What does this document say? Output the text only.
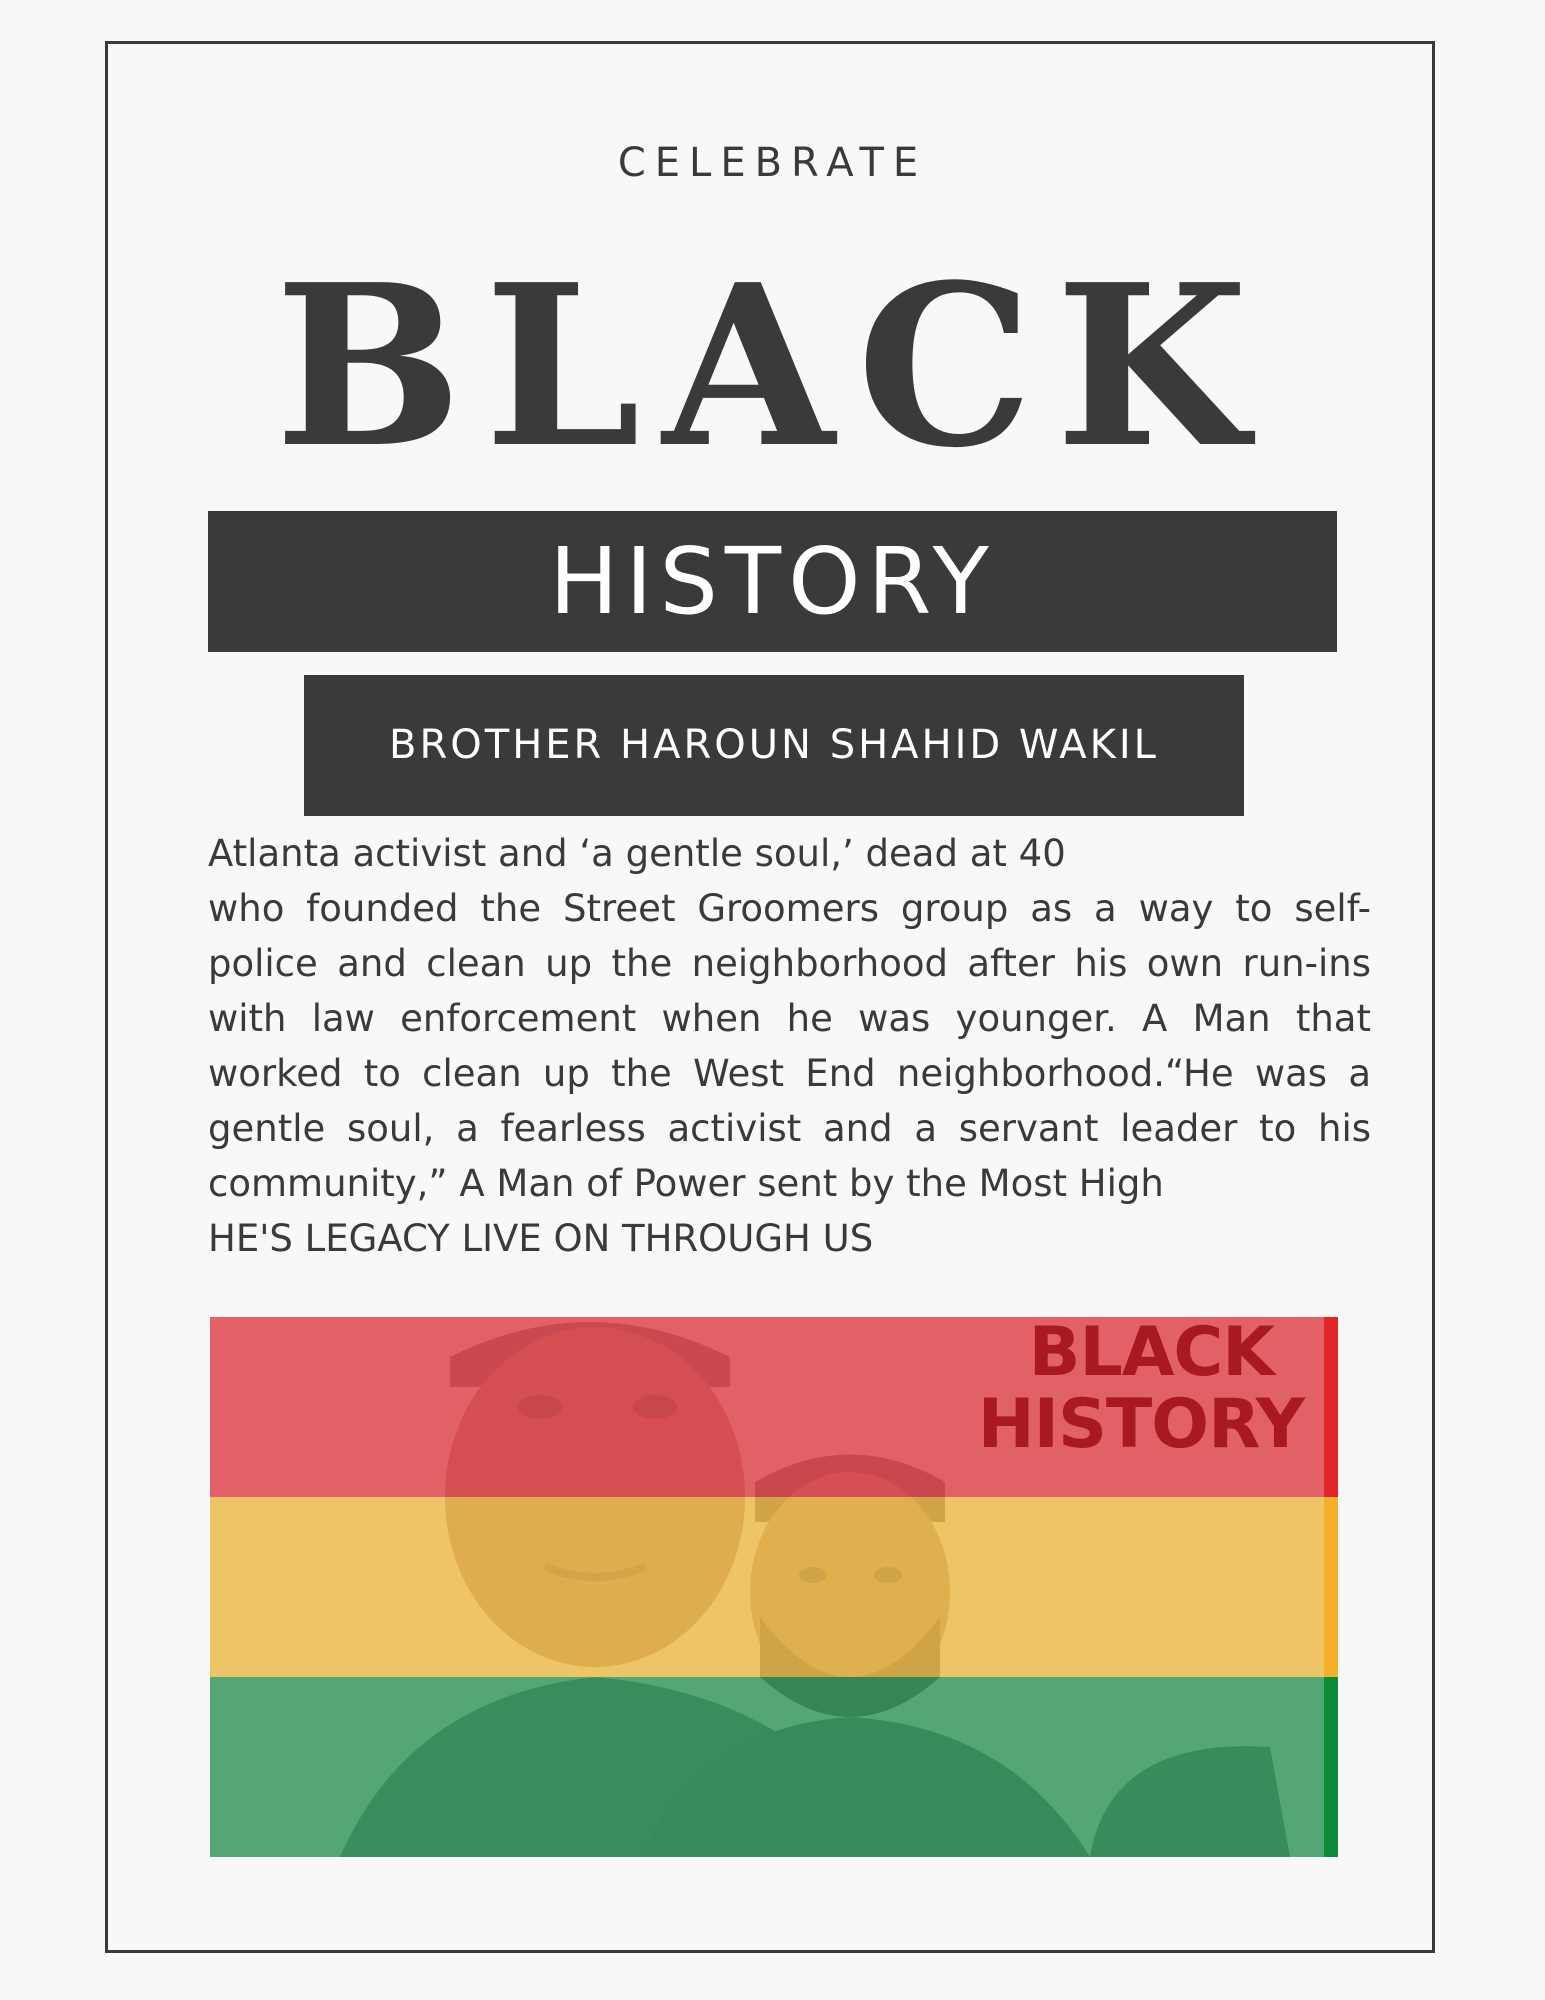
CELEBRATE
BLACK
HISTORY
BROTHER HAROUN SHAHID WAKIL
Atlanta activist and ‘a gentle soul,’ dead at 40
who founded the Street Groomers group as a way to self-police and clean up the neighborhood after his own run-ins with law enforcement when he was younger. A Man that worked to clean up the West End neighborhood.“He was a gentle soul, a fearless activist and a servant leader to his community,” A Man of Power sent by the Most High
HE'S LEGACY LIVE ON THROUGH US
BLACK
HISTORY
